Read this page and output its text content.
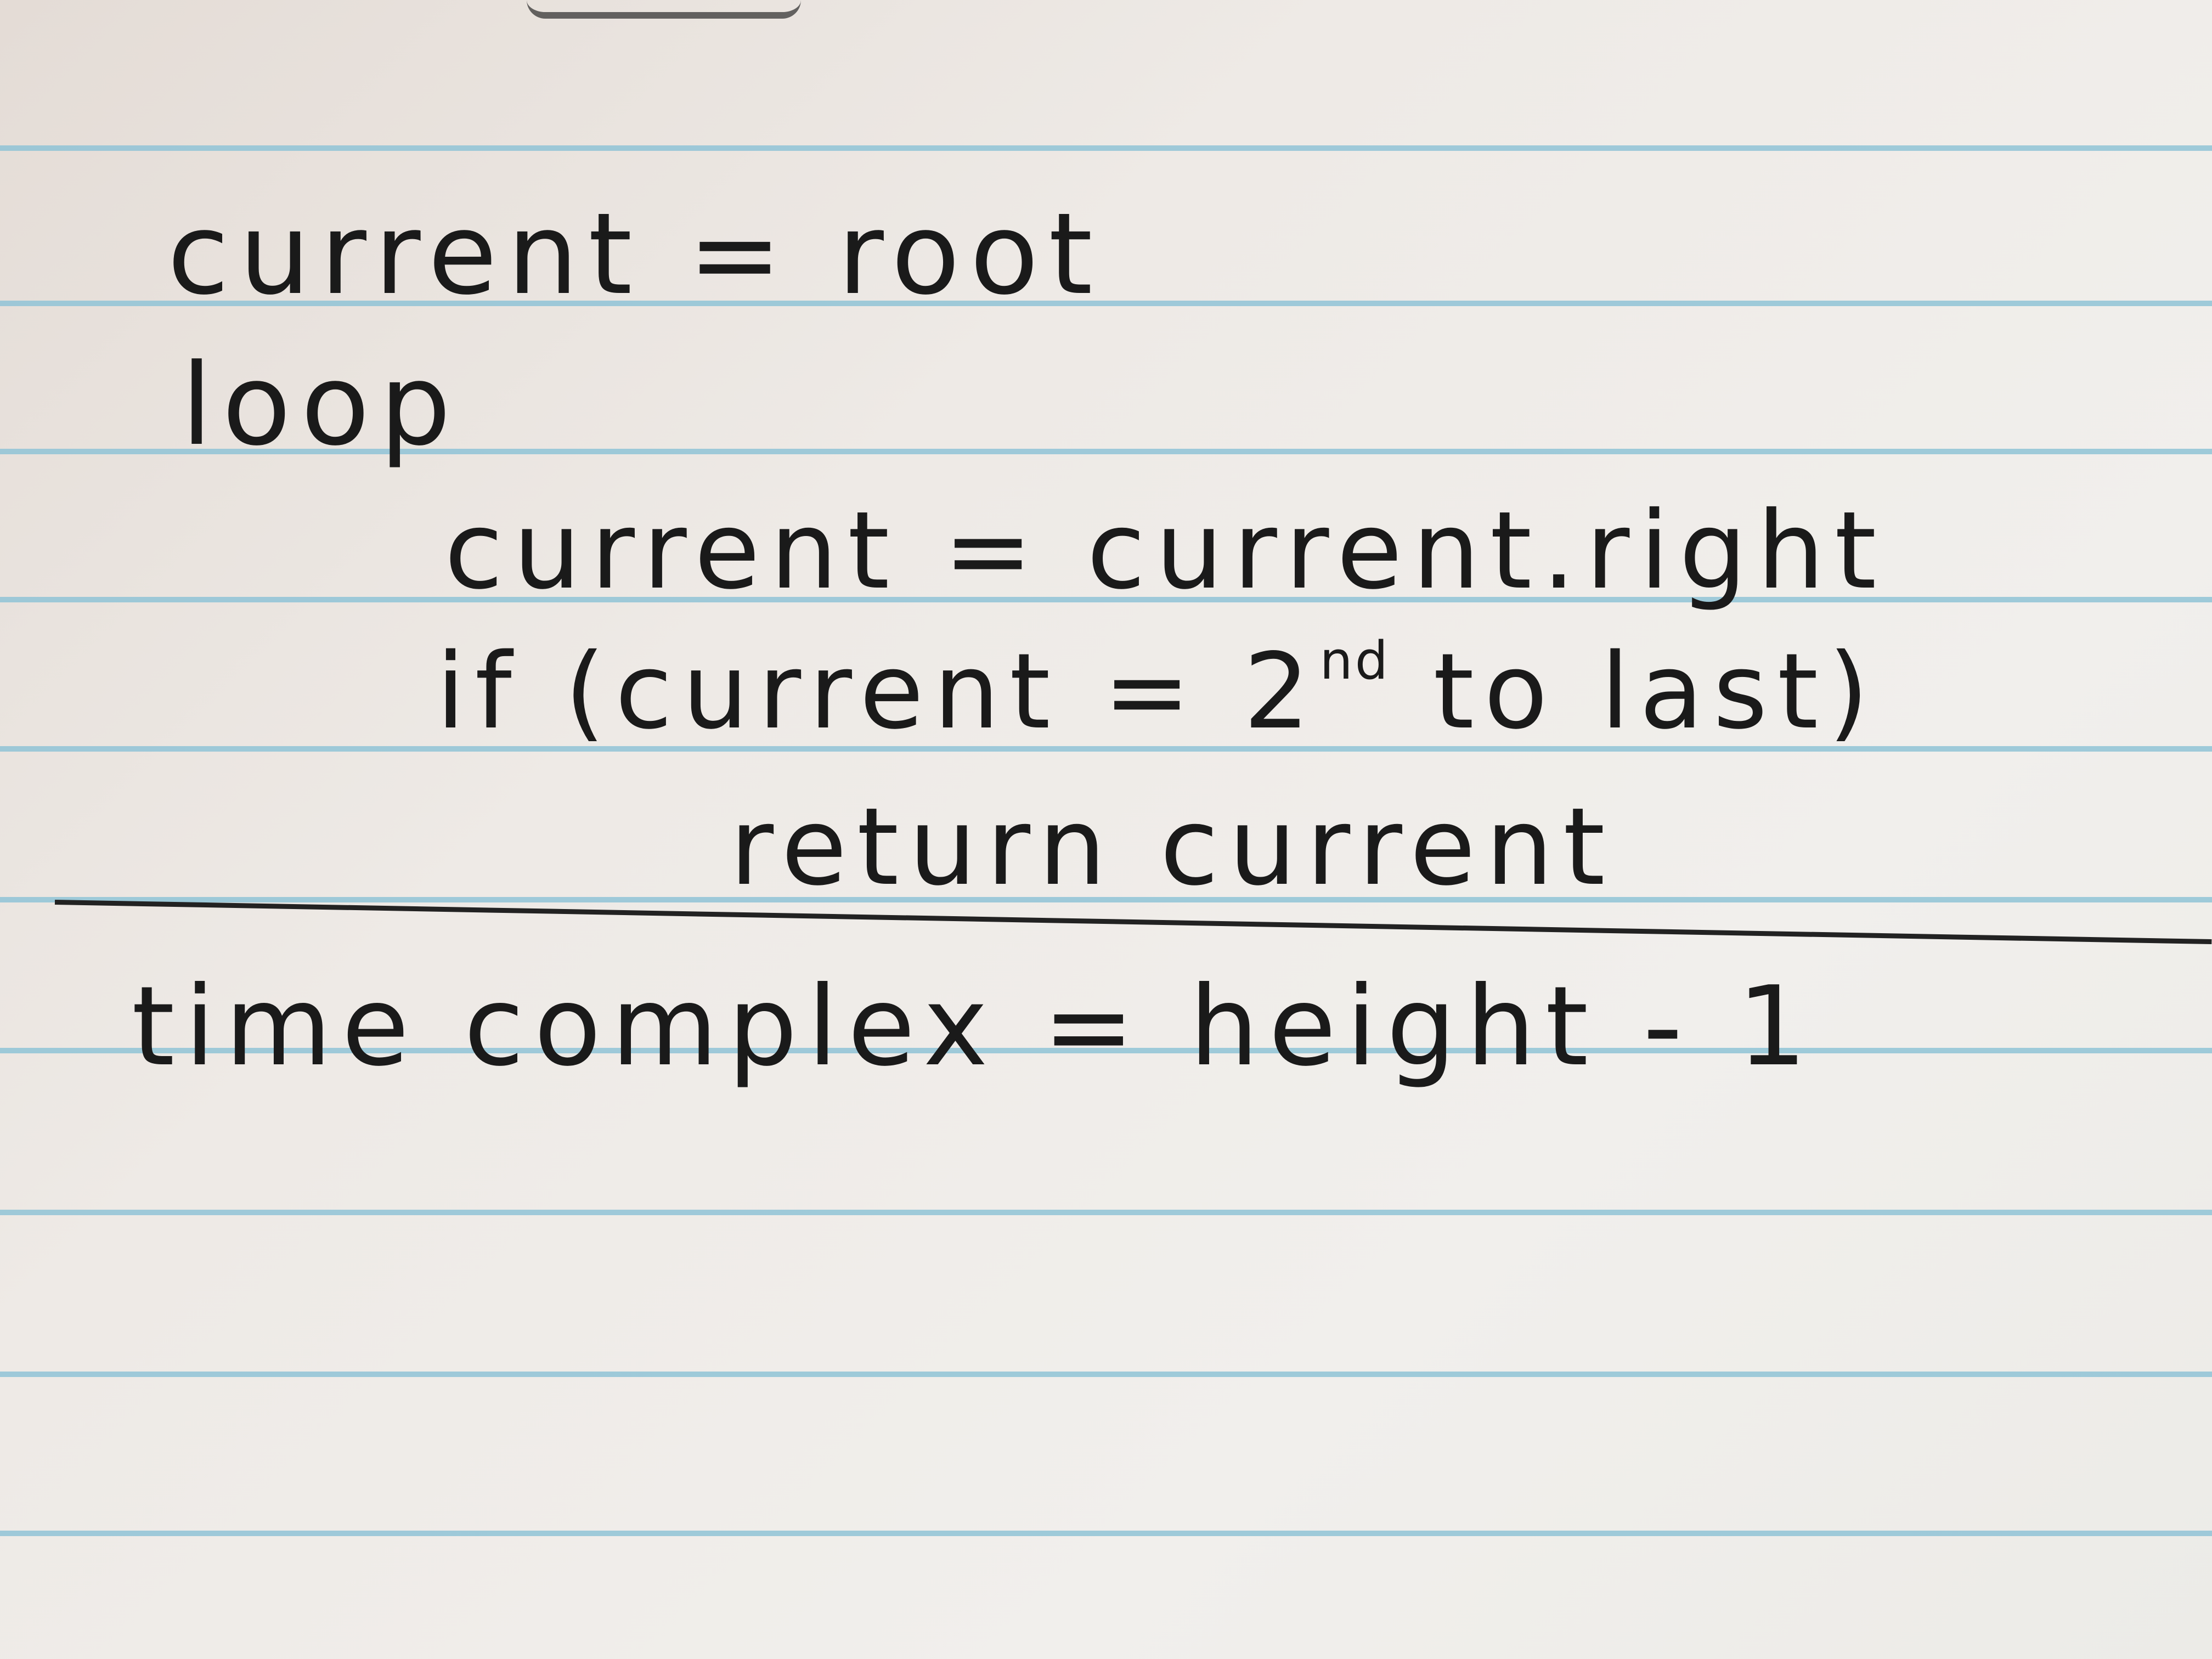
current = root
loop
current = current.right
if (current = 2nd to last)
return current
time complex = height - 1
